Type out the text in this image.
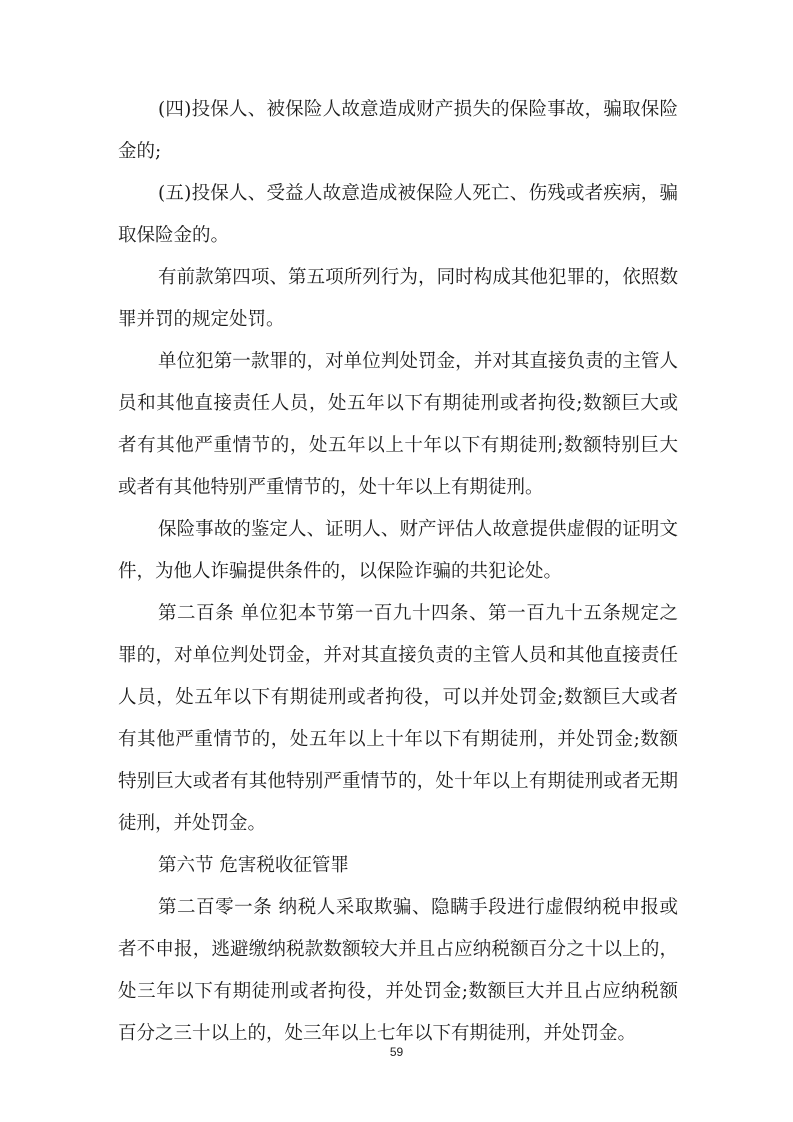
(四)投保人、被保险人故意造成财产损失的保险事故，骗取保险
金的;
(五)投保人、受益人故意造成被保险人死亡、伤残或者疾病，骗
取保险金的。
有前款第四项、第五项所列行为，同时构成其他犯罪的，依照数
罪并罚的规定处罚。
单位犯第一款罪的，对单位判处罚金，并对其直接负责的主管人
员和其他直接责任人员，处五年以下有期徒刑或者拘役;数额巨大或
者有其他严重情节的，处五年以上十年以下有期徒刑;数额特别巨大
或者有其他特别严重情节的，处十年以上有期徒刑。
保险事故的鉴定人、证明人、财产评估人故意提供虚假的证明文
件，为他人诈骗提供条件的，以保险诈骗的共犯论处。
第二百条 单位犯本节第一百九十四条、第一百九十五条规定之
罪的，对单位判处罚金，并对其直接负责的主管人员和其他直接责任
人员，处五年以下有期徒刑或者拘役，可以并处罚金;数额巨大或者
有其他严重情节的，处五年以上十年以下有期徒刑，并处罚金;数额
特别巨大或者有其他特别严重情节的，处十年以上有期徒刑或者无期
徒刑，并处罚金。
第六节 危害税收征管罪
第二百零一条 纳税人采取欺骗、隐瞒手段进行虚假纳税申报或
者不申报，逃避缴纳税款数额较大并且占应纳税额百分之十以上的，
处三年以下有期徒刑或者拘役，并处罚金;数额巨大并且占应纳税额
百分之三十以上的，处三年以上七年以下有期徒刑，并处罚金。
59
